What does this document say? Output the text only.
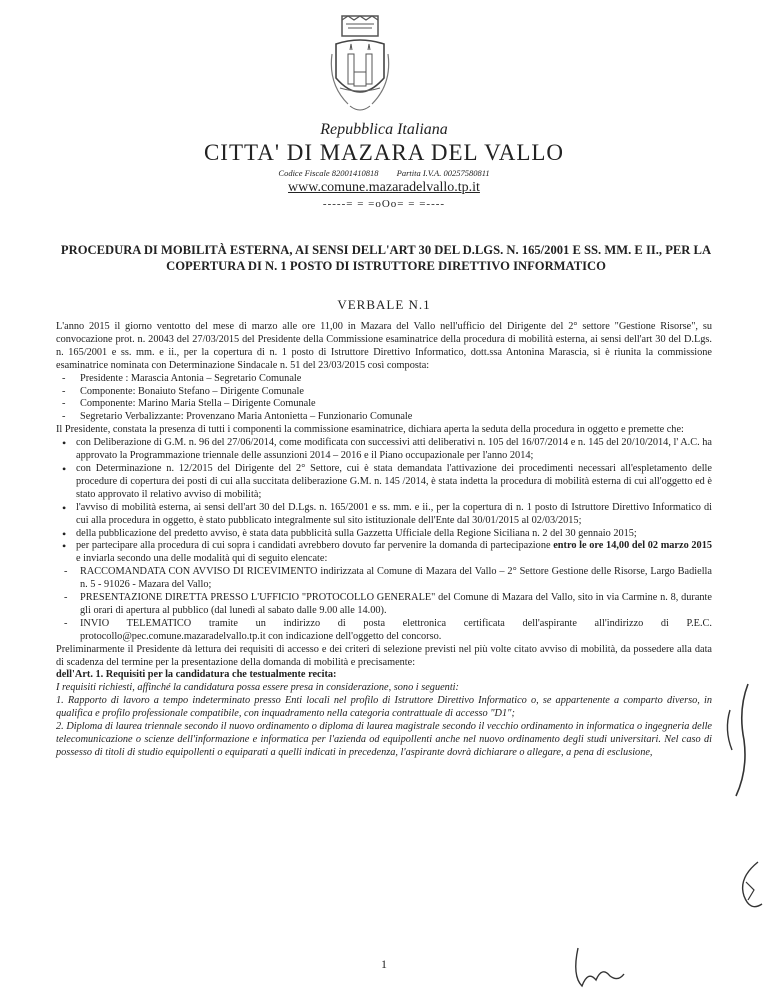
Repubblica Italiana
CITTA' DI MAZARA DEL VALLO
Codice Fiscale 82001410818 Partita I.V.A. 00257580811
www.comune.mazaradelvallo.tp.it
-----= = =oOo= = =----
PROCEDURA DI MOBILITÀ ESTERNA, AI SENSI DELL'ART 30 DEL D.LGS. N. 165/2001 E SS. MM. E II., PER LA COPERTURA DI N. 1 POSTO DI ISTRUTTORE DIRETTIVO INFORMATICO
VERBALE N.1

L'anno 2015 il giorno ventotto del mese di marzo alle ore 11,00 in Mazara del Vallo nell'ufficio del Dirigente del 2° settore "Gestione Risorse", su convocazione prot. n. 20043 del 27/03/2015 del Presidente della Commissione esaminatrice della procedura di mobilità esterna, ai sensi dell'art 30 del D.Lgs. n. 165/2001 e ss. mm. e ii., per la copertura di n. 1 posto di Istruttore Direttivo Informatico, dott.ssa Antonina Marascia, si è riunita la commissione esaminatrice nominata con Determinazione Sindacale n. 51 del 23/03/2015 così composta:

- Presidente : Marascia Antonia – Segretario Comunale

- Componente: Bonaiuto Stefano – Dirigente Comunale

- Componente: Marino Maria Stella – Dirigente Comunale

- Segretario Verbalizzante: Provenzano Maria Antonietta – Funzionario Comunale

Il Presidente, constata la presenza di tutti i componenti la commissione esaminatrice, dichiara aperta la seduta della procedura in oggetto e premette che:

• con Deliberazione di G.M. n. 96 del 27/06/2014, come modificata con successivi atti deliberativi n. 105 del 16/07/2014 e n. 145 del 20/10/2014, l' A.C. ha approvato la Programmazione triennale delle assunzioni 2014 – 2016 e il Piano occupazionale per l'anno 2014;

• con Determinazione n. 12/2015 del Dirigente del 2° Settore, cui è stata demandata l'attivazione dei procedimenti necessari all'espletamento delle procedure di copertura dei posti di cui alla succitata deliberazione G.M. n. 145 /2014, è stata indetta la procedura di mobilità esterna di cui all'oggetto ed è stato approvato il relativo avviso di mobilità;

• l'avviso di mobilità esterna, ai sensi dell'art 30 del D.Lgs. n. 165/2001 e ss. mm. e ii., per la copertura di n. 1 posto di Istruttore Direttivo Informatico di cui alla procedura in oggetto, è stato pubblicato integralmente sul sito istituzionale dell'Ente dal 30/01/2015 al 02/03/2015;

• della pubblicazione del predetto avviso, è stata data pubblicità sulla Gazzetta Ufficiale della Regione Siciliana n. 2 del 30 gennaio 2015;

• per partecipare alla procedura di cui sopra i candidati avrebbero dovuto far pervenire la domanda di partecipazione entro le ore 14,00 del 02 marzo 2015 e inviarla secondo una delle modalità qui di seguito elencate:

- RACCOMANDATA CON AVVISO DI RICEVIMENTO indirizzata al Comune di Mazara del Vallo – 2° Settore Gestione delle Risorse, Largo Badiella n. 5 - 91026 - Mazara del Vallo;

- PRESENTAZIONE DIRETTA PRESSO L'UFFICIO "PROTOCOLLO GENERALE" del Comune di Mazara del Vallo, sito in via Carmine n. 8, durante gli orari di apertura al pubblico (dal lunedì al sabato dalle 9.00 alle 14.00).

- INVIO TELEMATICO tramite un indirizzo di posta elettronica certificata dell'aspirante all'indirizzo di P.E.C. protocollo@pec.comune.mazaradelvallo.tp.it con indicazione dell'oggetto del concorso.

Preliminarmente il Presidente dà lettura dei requisiti di accesso e dei criteri di selezione previsti nel più volte citato avviso di mobilità, da possedere alla data di scadenza del termine per la presentazione della domanda di mobilità e precisamente:

dell'Art. 1. Requisiti per la candidatura che testualmente recita:

I requisiti richiesti, affinché la candidatura possa essere presa in considerazione, sono i seguenti:

1. Rapporto di lavoro a tempo indeterminato presso Enti locali nel profilo di Istruttore Direttivo Informatico o, se appartenente a comparto diverso, in qualifica e profilo professionale compatibile, con inquadramento nella categoria contrattuale di accesso "D1";

2. Diploma di laurea triennale secondo il nuovo ordinamento o diploma di laurea magistrale secondo il vecchio ordinamento in informatica o ingegneria delle telecomunicazione o scienze dell'informazione e informatica per l'azienda od equipollenti anche nel nuovo ordinamento degli studi universitari. Nel caso di possesso di titoli di studio equipollenti o equiparati a quelli indicati in precedenza, l'aspirante dovrà dichiarare o allegare, a pena di esclusione,

1
